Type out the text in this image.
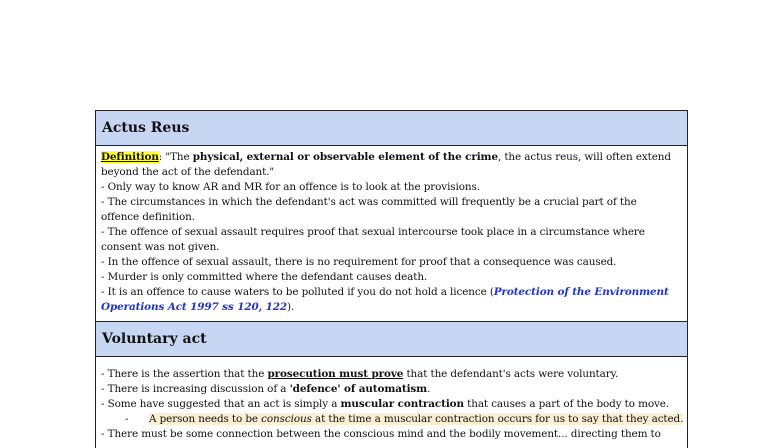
Actus Reus
Definition: "The physical, external or observable element of the crime, the actus reus, will often extend
beyond the act of the defendant."
- Only way to know AR and MR for an offence is to look at the provisions.
- The circumstances in which the defendant's act was committed will frequently be a crucial part of the
offence definition.
- The offence of sexual assault requires proof that sexual intercourse took place in a circumstance where
consent was not given.
- In the offence of sexual assault, there is no requirement for proof that a consequence was caused.
- Murder is only committed where the defendant causes death.
- It is an offence to cause waters to be polluted if you do not hold a licence (Protection of the Environment
Operations Act 1997 ss 120, 122).
Voluntary act
- There is the assertion that the prosecution must prove that the defendant's acts were voluntary.
- There is increasing discussion of a 'defence' of automatism.
- Some have suggested that an act is simply a muscular contraction that causes a part of the body to move.
- A person needs to be conscious at the time a muscular contraction occurs for us to say that they acted.
- There must be some connection between the conscious mind and the bodily movement... directing them to
